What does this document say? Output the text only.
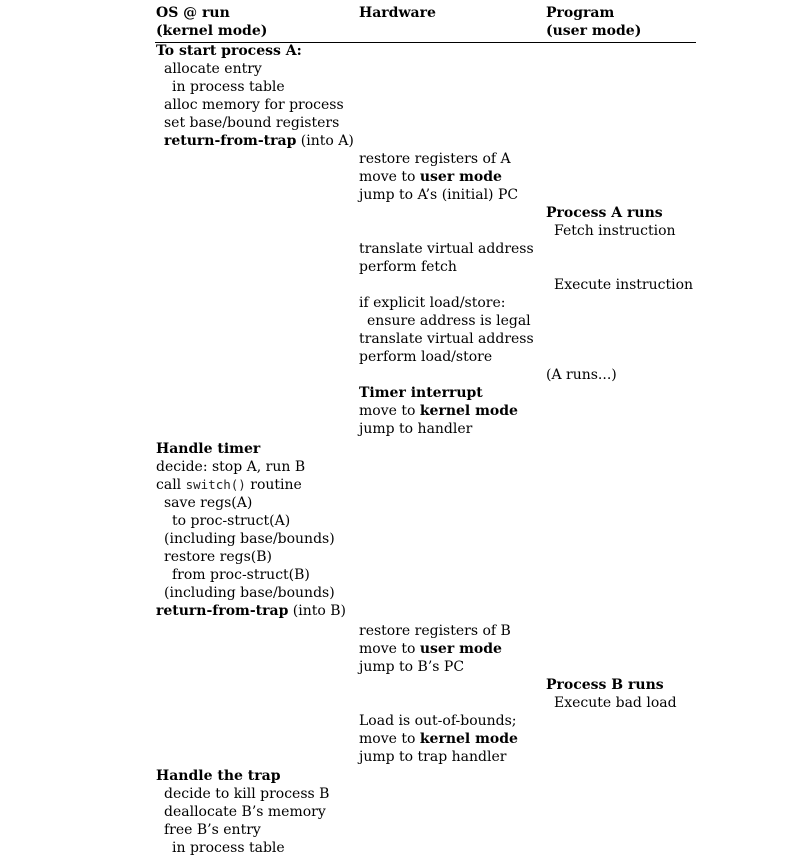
OS @ run
(kernel mode)
Hardware	Program
(user mode)
To start process A:
allocate entry
in process table
alloc memory for process
set base/bound registers
return-from-trap (into A)
restore registers of A
move to user mode
jump to A’s (initial) PC
Process A runs
Fetch instruction
translate virtual address
perform fetch
Execute instruction
if explicit load/store:
ensure address is legal
translate virtual address
perform load/store
(A runs...)
Timer interrupt
move to kernel mode
jump to handler
Handle timer
decide: stop A, run B
call switch() routine
save regs(A)
to proc-struct(A)
(including base/bounds)
restore regs(B)
from proc-struct(B)
(including base/bounds)
return-from-trap (into B)
restore registers of B
move to user mode
jump to B’s PC
Process B runs
Execute bad load
Load is out-of-bounds;
move to kernel mode
jump to trap handler
Handle the trap
decide to kill process B
deallocate B’s memory
free B’s entry
in process table
